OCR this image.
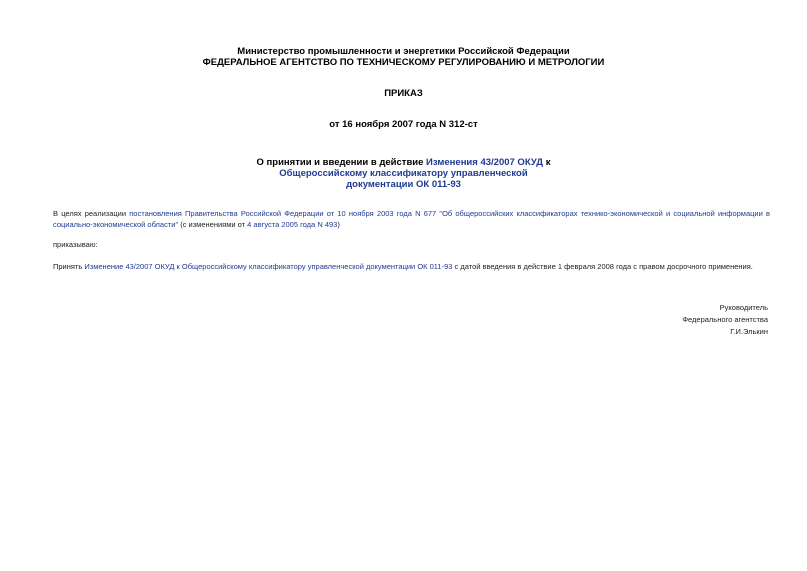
Министерство промышленности и энергетики Российской Федерации
ФЕДЕРАЛЬНОЕ АГЕНТСТВО ПО ТЕХНИЧЕСКОМУ РЕГУЛИРОВАНИЮ И МЕТРОЛОГИИ
ПРИКАЗ
от 16 ноября 2007 года N 312-ст
О принятии и введении в действие Изменения 43/2007 ОКУД к
Общероссийскому классификатору управленческой
документации ОК 011-93
В целях реализации постановления Правительства Российской Федерации от 10 ноября 2003 года N 677 "Об общероссийских классификаторах технико-экономической и социальной информации в социально-экономической области" (с изменениями от 4 августа 2005 года N 493)
приказываю:
Принять Изменение 43/2007 ОКУД к Общероссийскому классификатору управленческой документации ОК 011-93 с датой введения в действие 1 февраля 2008 года с правом досрочного применения.
Руководитель
Федерального агентства
Г.И.Элькин
